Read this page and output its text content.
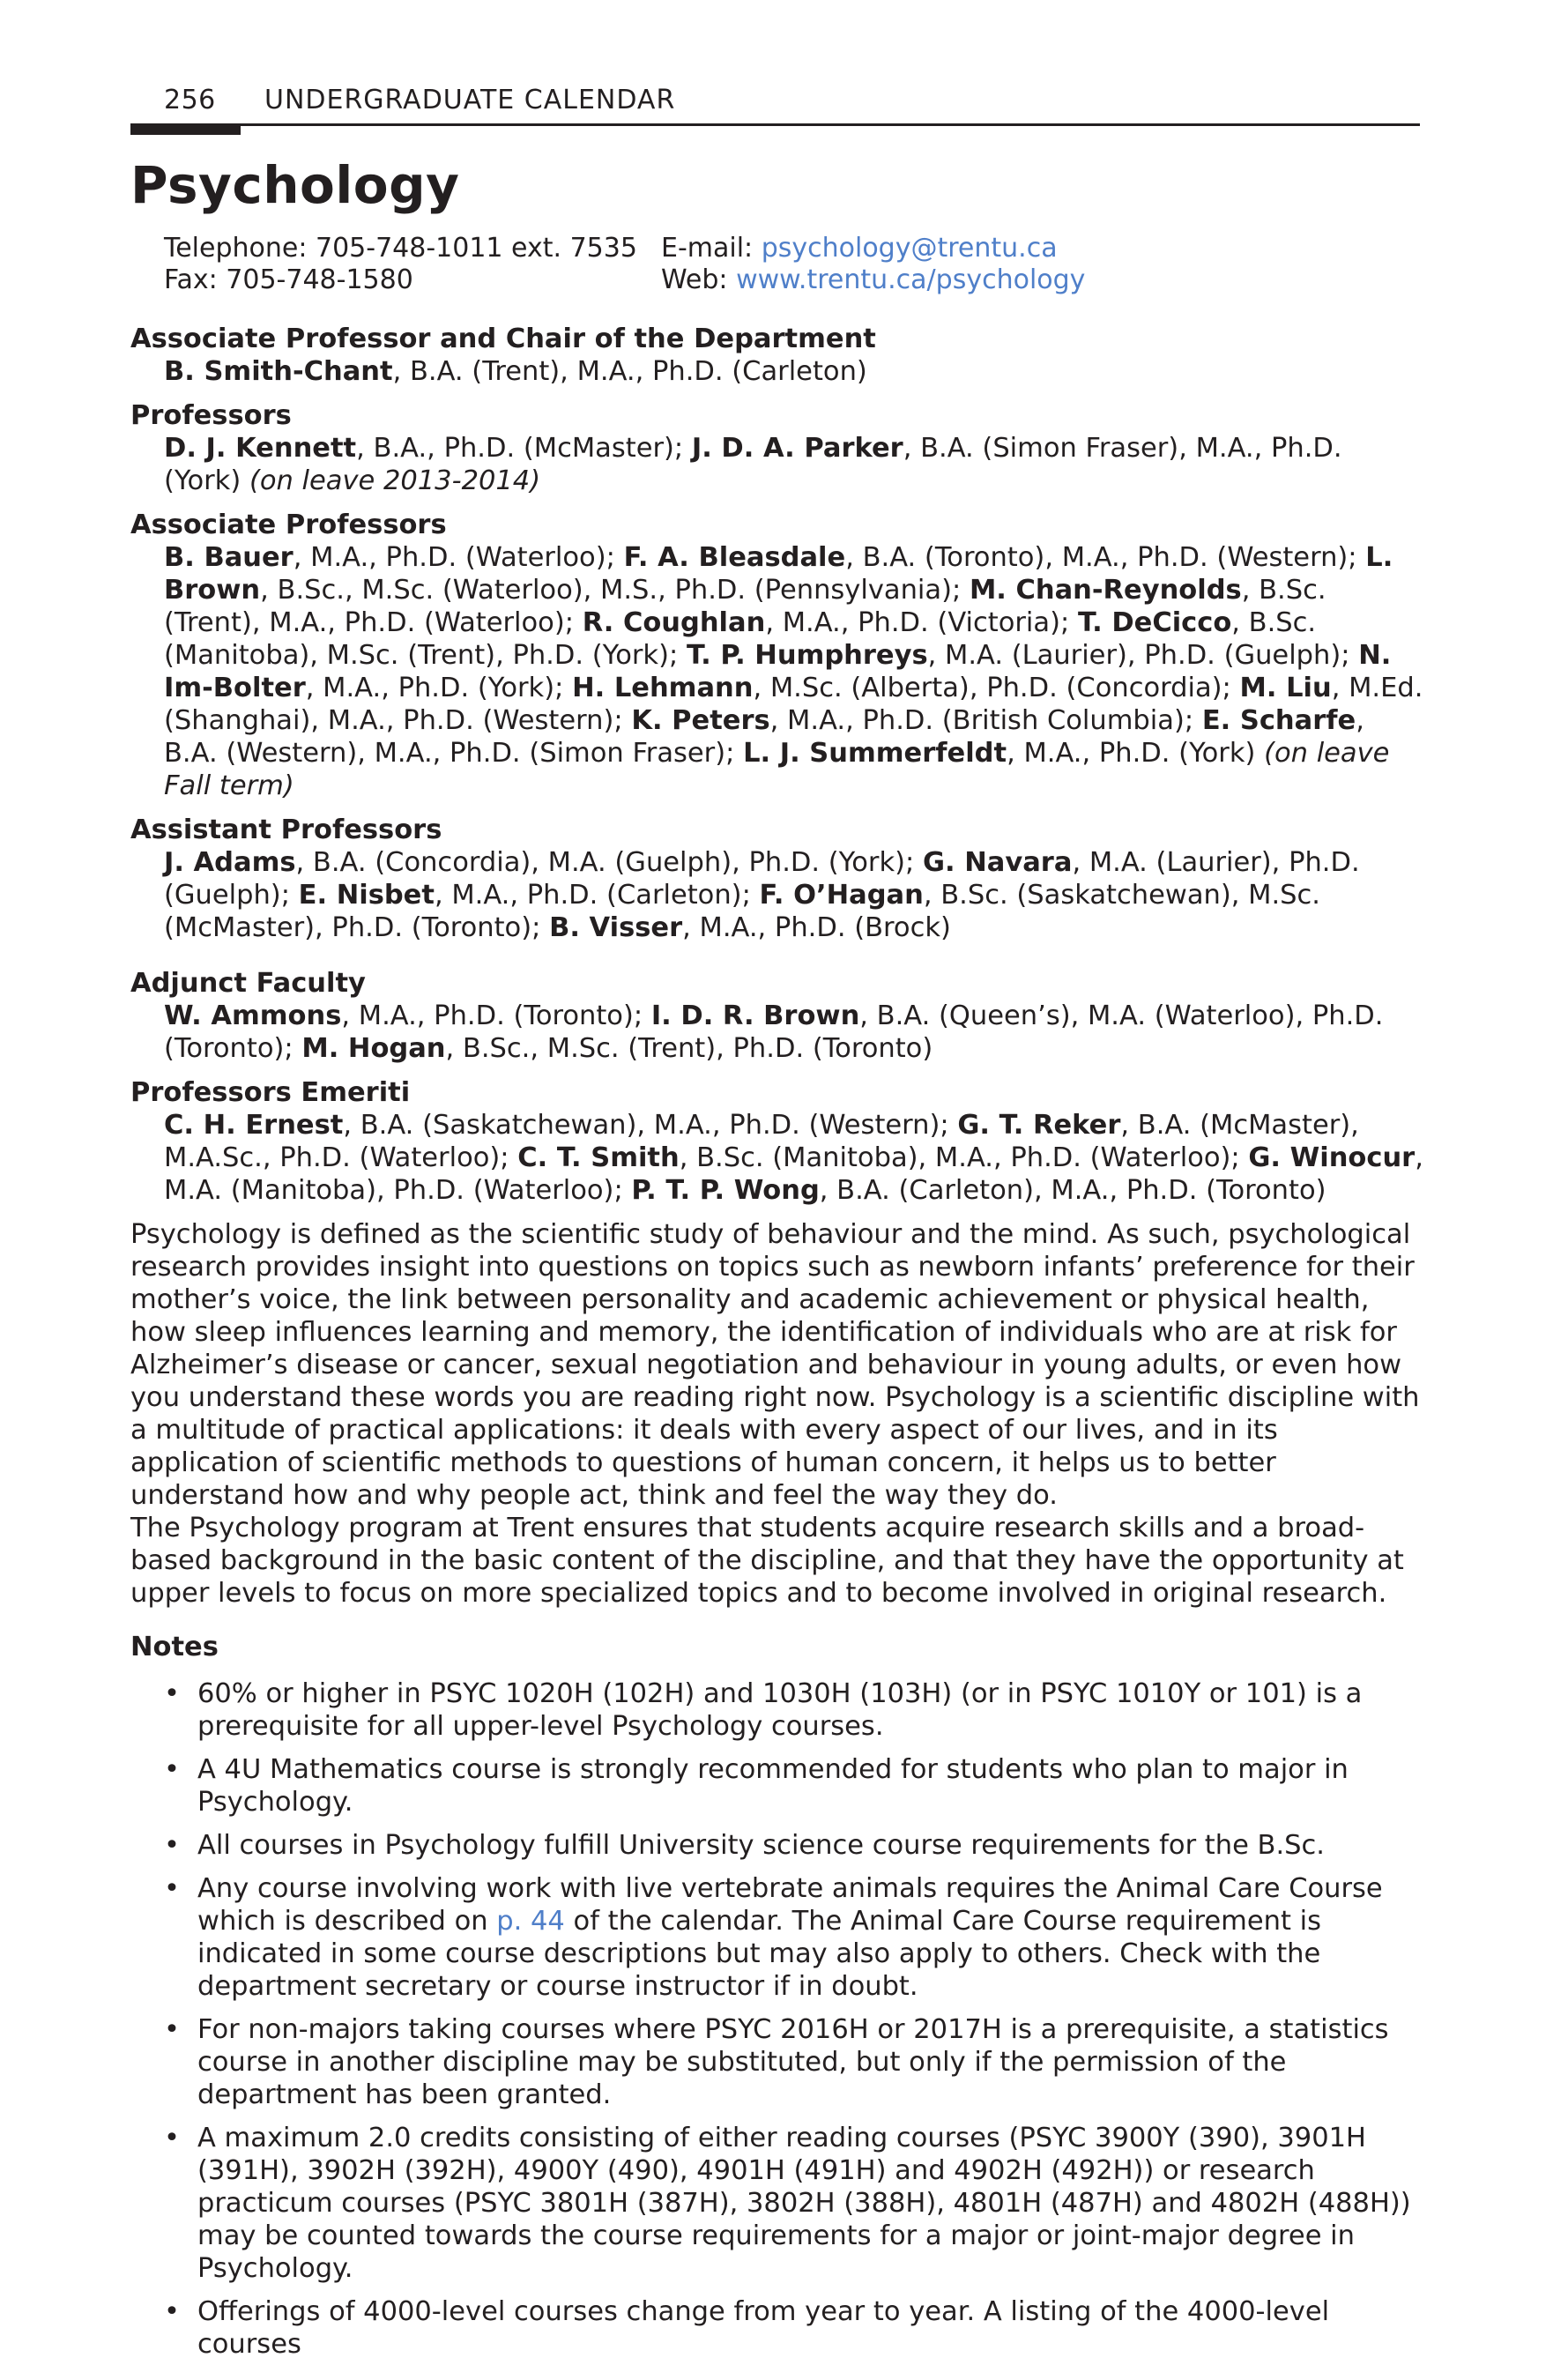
256 UNDERGRADUATE CALENDAR
Psychology
Telephone: 705-748-1011 ext. 7535 E-mail: psychology@trentu.ca
Fax: 705-748-1580	Web: www.trentu.ca/psychology
Associate Professor and Chair of the Department
B. Smith-Chant, B.A. (Trent), M.A., Ph.D. (Carleton)
Professors
D. J. Kennett, B.A., Ph.D. (McMaster); J. D. A. Parker, B.A. (Simon Fraser), M.A., Ph.D. (York) (on leave 2013-2014)
Associate Professors
B. Bauer, M.A., Ph.D. (Waterloo); F. A. Bleasdale, B.A. (Toronto), M.A., Ph.D. (Western); L. Brown, B.Sc., M.Sc. (Waterloo), M.S., Ph.D. (Pennsylvania); M. Chan-Reynolds, B.Sc. (Trent), M.A., Ph.D. (Waterloo); R. Coughlan, M.A., Ph.D. (Victoria); T. DeCicco, B.Sc. (Manitoba), M.Sc. (Trent), Ph.D. (York); T. P. Humphreys, M.A. (Laurier), Ph.D. (Guelph); N. Im-Bolter, M.A., Ph.D. (York); H. Lehmann, M.Sc. (Alberta), Ph.D. (Concordia); M. Liu, M.Ed. (Shanghai), M.A., Ph.D. (Western); K. Peters, M.A., Ph.D. (British Columbia); E. Scharfe, B.A. (Western), M.A., Ph.D. (Simon Fraser); L. J. Summerfeldt, M.A., Ph.D. (York) (on leave Fall term)
Assistant Professors
J. Adams, B.A. (Concordia), M.A. (Guelph), Ph.D. (York); G. Navara, M.A. (Laurier), Ph.D. (Guelph); E. Nisbet, M.A., Ph.D. (Carleton); F. O’Hagan, B.Sc. (Saskatchewan), M.Sc. (McMaster), Ph.D. (Toronto); B. Visser, M.A., Ph.D. (Brock)
Adjunct Faculty
W. Ammons, M.A., Ph.D. (Toronto); I. D. R. Brown, B.A. (Queen’s), M.A. (Waterloo), Ph.D. (Toronto); M. Hogan, B.Sc., M.Sc. (Trent), Ph.D. (Toronto)
Professors Emeriti
C. H. Ernest, B.A. (Saskatchewan), M.A., Ph.D. (Western); G. T. Reker, B.A. (McMaster), M.A.Sc., Ph.D. (Waterloo); C. T. Smith, B.Sc. (Manitoba), M.A., Ph.D. (Waterloo); G. Winocur, M.A. (Manitoba), Ph.D. (Waterloo); P. T. P. Wong, B.A. (Carleton), M.A., Ph.D. (Toronto)
Psychology is defined as the scientific study of behaviour and the mind. As such, psychological research provides insight into questions on topics such as newborn infants’ preference for their mother’s voice, the link between personality and academic achievement or physical health, how sleep influences learning and memory, the identification of individuals who are at risk for Alzheimer’s disease or cancer, sexual negotiation and behaviour in young adults, or even how you understand these words you are reading right now. Psychology is a scientific discipline with a multitude of practical applications: it deals with every aspect of our lives, and in its application of scientific methods to questions of human concern, it helps us to better understand how and why people act, think and feel the way they do.
The Psychology program at Trent ensures that students acquire research skills and a broad-based background in the basic content of the discipline, and that they have the opportunity at upper levels to focus on more specialized topics and to become involved in original research.
Notes
• 60% or higher in PSYC 1020H (102H) and 1030H (103H) (or in PSYC 1010Y or 101) is a prerequisite for all upper-level Psychology courses.
• A 4U Mathematics course is strongly recommended for students who plan to major in Psychology.
• All courses in Psychology fulfill University science course requirements for the B.Sc.
• Any course involving work with live vertebrate animals requires the Animal Care Course which is described on p. 44 of the calendar. The Animal Care Course requirement is indicated in some course descriptions but may also apply to others. Check with the department secretary or course instructor if in doubt.
• For non-majors taking courses where PSYC 2016H or 2017H is a prerequisite, a statistics course in another discipline may be substituted, but only if the permission of the department has been granted.
• A maximum 2.0 credits consisting of either reading courses (PSYC 3900Y (390), 3901H (391H), 3902H (392H), 4900Y (490), 4901H (491H) and 4902H (492H)) or research practicum courses (PSYC 3801H (387H), 3802H (388H), 4801H (487H) and 4802H (488H)) may be counted towards the course requirements for a major or joint-major degree in Psychology.
• Offerings of 4000-level courses change from year to year. A listing of the 4000-level courses
